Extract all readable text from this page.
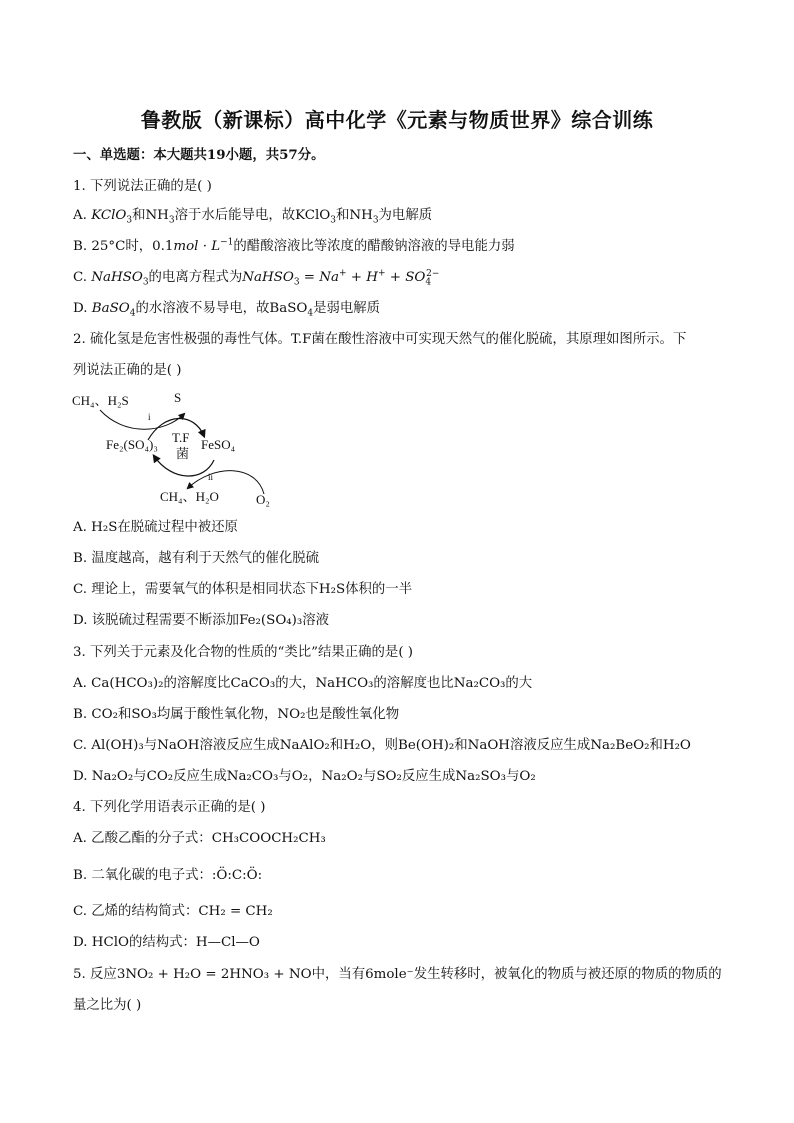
鲁教版（新课标）高中化学《元素与物质世界》综合训练
一、单选题：本大题共19小题，共57分。
1. 下列说法正确的是( )
A. KClO$_3$和$NH_3$溶于水后能导电，故KClO$_3$和$NH_3$为电解质
B. 25°C时，$0.1mol \cdot L^{-1}$的醋酸溶液比等浓度的醋酸钠溶液的导电能力弱
C. NaHSO$_3$的电离方程式为NaHSO$_3$ = $Na^+ + H^+ + SO_4^{2-}$
D. BaSO$_4$的水溶液不易导电，故BaSO$_4$是弱电解质
2. 硫化氢是危害性极强的毒性气体。T.F菌在酸性溶液中可实现天然气的催化脱硫，其原理如图所示。下
列说法正确的是( )
CH₄、H₂S	S
i
Fe₂(SO₄)₃ T.F
菌
FeSO₄
ii
CH₄、H₂O	O₂
A. H₂S在脱硫过程中被还原
B. 温度越高，越有利于天然气的催化脱硫
C. 理论上，需要氧气的体积是相同状态下H₂S体积的一半
D. 该脱硫过程需要不断添加Fe₂(SO₄)₃溶液
3. 下列关于元素及化合物的性质的“类比”结果正确的是( )
A. Ca(HCO₃)₂的溶解度比CaCO₃的大，NaHCO₃的溶解度也比Na₂CO₃的大
B. CO₂和SO₃均属于酸性氧化物，NO₂也是酸性氧化物
C. Al(OH)₃与NaOH溶液反应生成NaAlO₂和H₂O，则Be(OH)₂和NaOH溶液反应生成Na₂BeO₂和H₂O
D. Na₂O₂与CO₂反应生成Na₂CO₃与O₂，Na₂O₂与SO₂反应生成Na₂SO₃与O₂
4. 下列化学用语表示正确的是( )
A. 乙酸乙酯的分子式：CH₃COOCH₂CH₃
B. 二氧化碳的电子式：:Ö:C:Ö:
C. 乙烯的结构简式：CH₂ = CH₂
D. HClO的结构式：H—Cl—O
5. 反应3NO₂ + H₂O = 2HNO₃ + NO中，当有6mole⁻发生转移时，被氧化的物质与被还原的物质的物质的
量之比为( )
